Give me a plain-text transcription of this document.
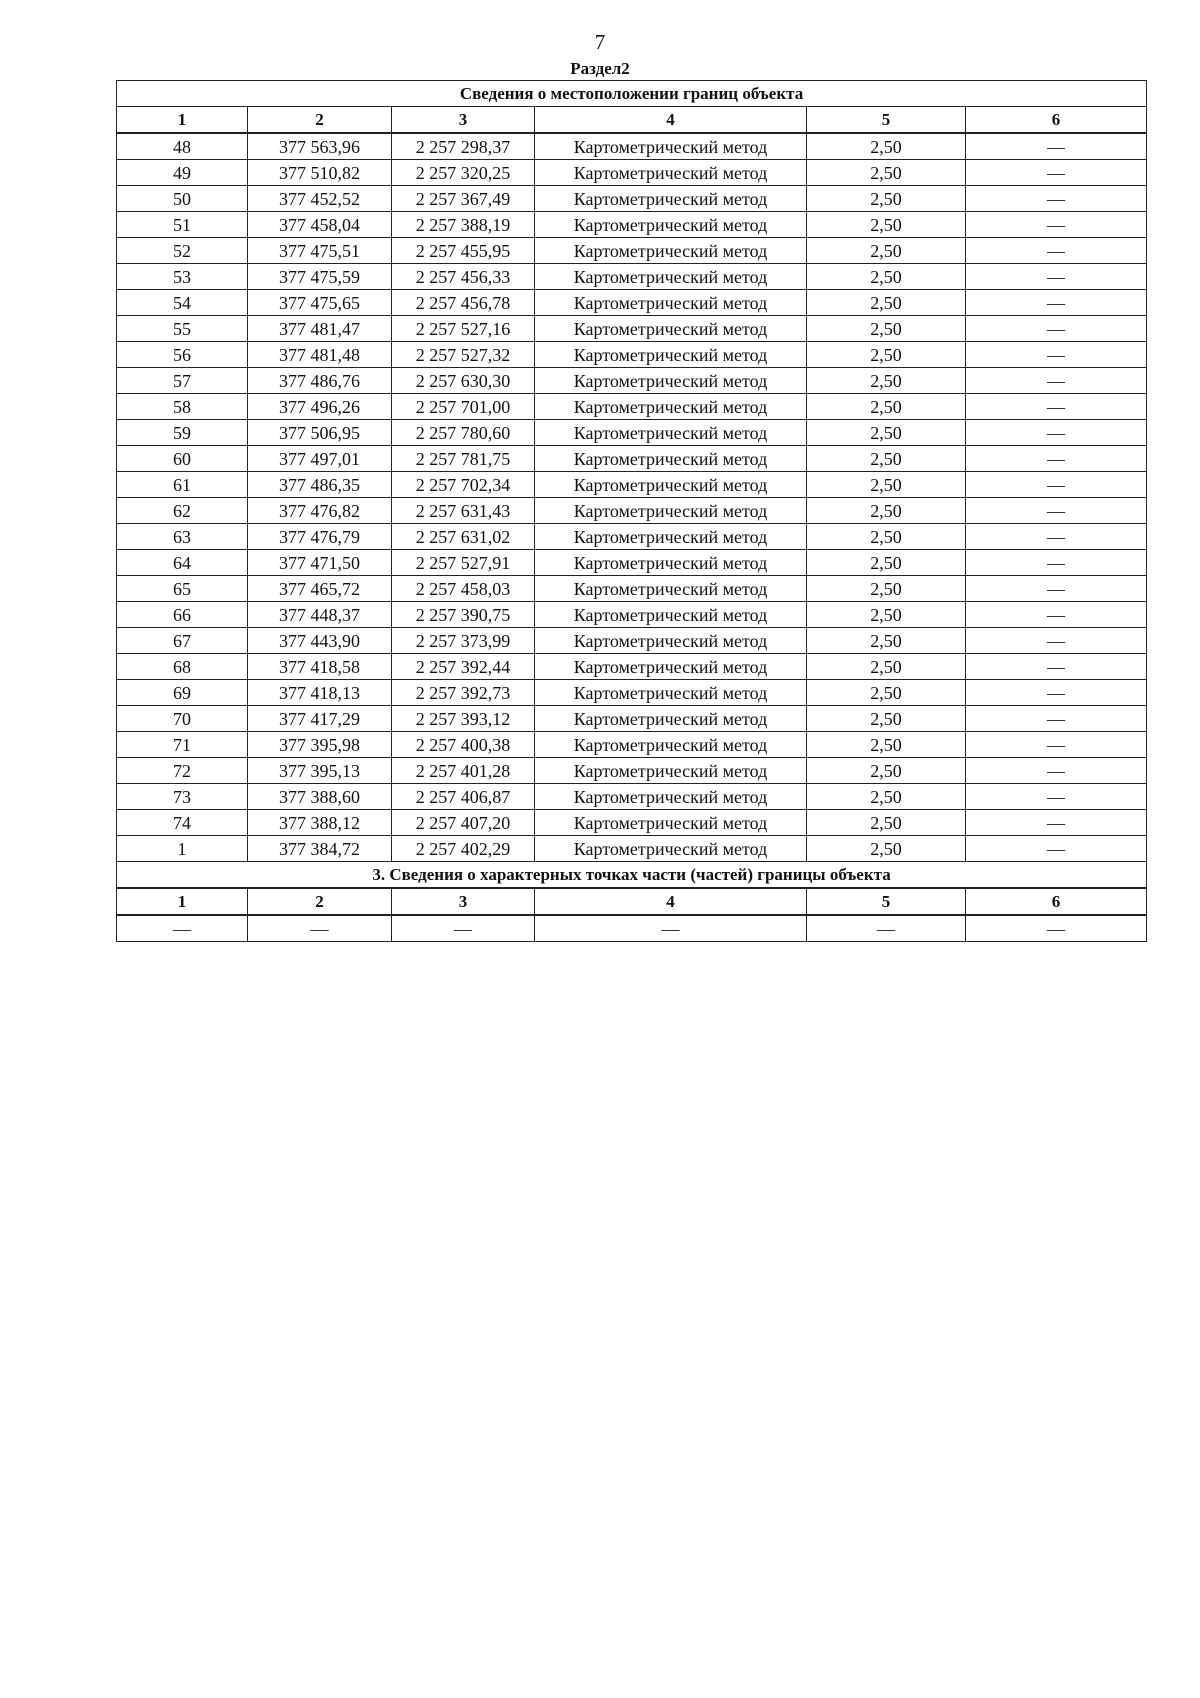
7
Раздел2
Сведения о местоположении границ объекта					
1	2	3	4	5	6
48	377 563,96	2 257 298,37	Картометрический метод	2,50	—
49	377 510,82	2 257 320,25	Картометрический метод	2,50	—
50	377 452,52	2 257 367,49	Картометрический метод	2,50	—
51	377 458,04	2 257 388,19	Картометрический метод	2,50	—
52	377 475,51	2 257 455,95	Картометрический метод	2,50	—
53	377 475,59	2 257 456,33	Картометрический метод	2,50	—
54	377 475,65	2 257 456,78	Картометрический метод	2,50	—
55	377 481,47	2 257 527,16	Картометрический метод	2,50	—
56	377 481,48	2 257 527,32	Картометрический метод	2,50	—
57	377 486,76	2 257 630,30	Картометрический метод	2,50	—
58	377 496,26	2 257 701,00	Картометрический метод	2,50	—
59	377 506,95	2 257 780,60	Картометрический метод	2,50	—
60	377 497,01	2 257 781,75	Картометрический метод	2,50	—
61	377 486,35	2 257 702,34	Картометрический метод	2,50	—
62	377 476,82	2 257 631,43	Картометрический метод	2,50	—
63	377 476,79	2 257 631,02	Картометрический метод	2,50	—
64	377 471,50	2 257 527,91	Картометрический метод	2,50	—
65	377 465,72	2 257 458,03	Картометрический метод	2,50	—
66	377 448,37	2 257 390,75	Картометрический метод	2,50	—
67	377 443,90	2 257 373,99	Картометрический метод	2,50	—
68	377 418,58	2 257 392,44	Картометрический метод	2,50	—
69	377 418,13	2 257 392,73	Картометрический метод	2,50	—
70	377 417,29	2 257 393,12	Картометрический метод	2,50	—
71	377 395,98	2 257 400,38	Картометрический метод	2,50	—
72	377 395,13	2 257 401,28	Картометрический метод	2,50	—
73	377 388,60	2 257 406,87	Картометрический метод	2,50	—
74	377 388,12	2 257 407,20	Картометрический метод	2,50	—
1	377 384,72	2 257 402,29	Картометрический метод	2,50	—
3. Сведения о характерных точках части (частей) границы объекта					
1	2	3	4	5	6
—	—	—	—	—	—
